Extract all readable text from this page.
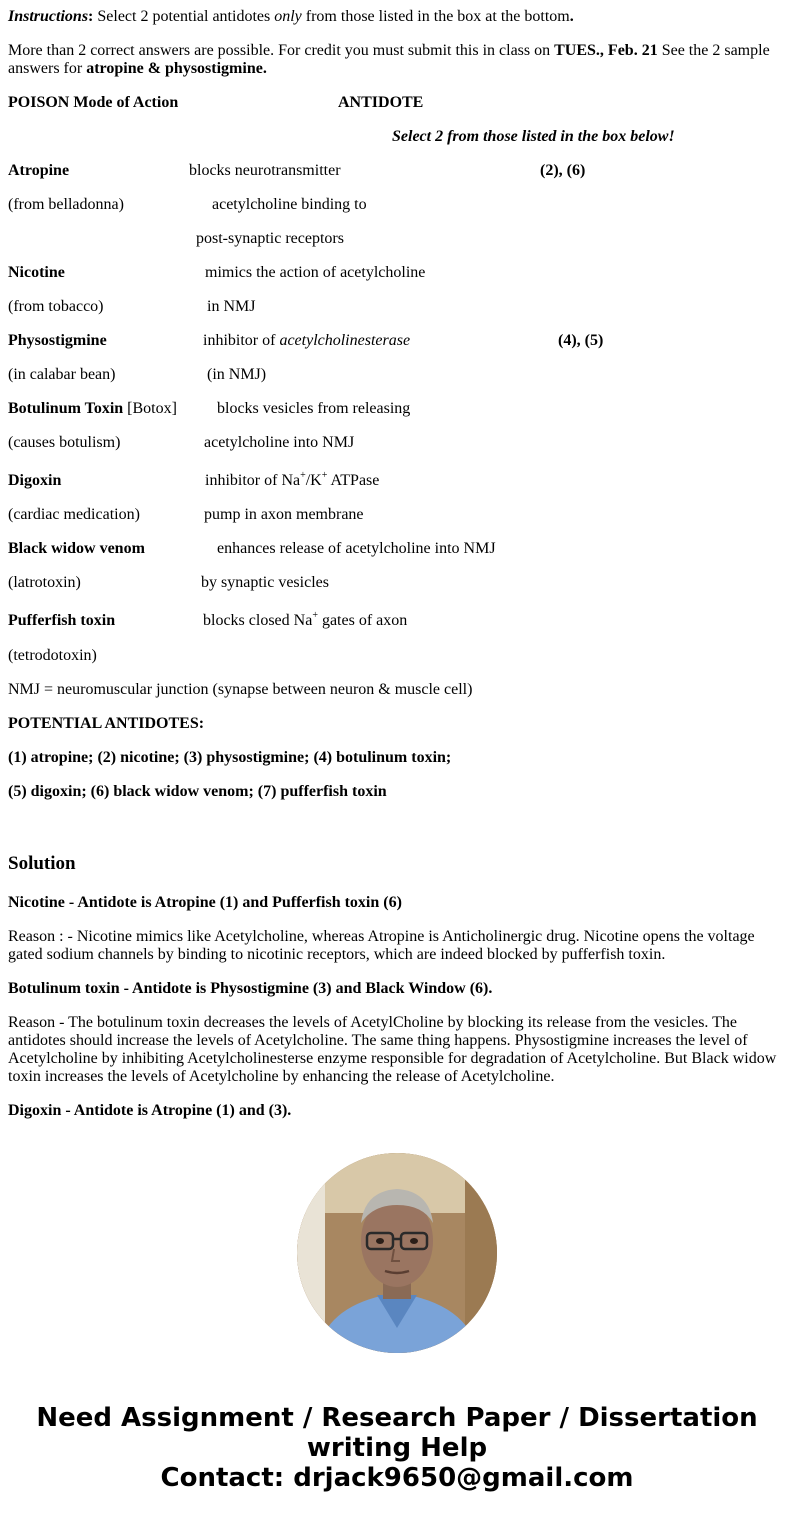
Instructions: Select 2 potential antidotes only from those listed in the box at the bottom.
More than 2 correct answers are possible. For credit you must submit this in class on TUES., Feb. 21 See the 2 sample answers for atropine & physostigmine.
POISON Mode of Action	ANTIDOTE
Select 2 from those listed in the box below!
Atropine	blocks neurotransmitter	(2), (6)
(from belladonna)	acetylcholine binding to
post-synaptic receptors
Nicotine	mimics the action of acetylcholine
(from tobacco)	in NMJ
Physostigmine	inhibitor of acetylcholinesterase	(4), (5)
(in calabar bean)	(in NMJ)
Botulinum Toxin [Botox]	blocks vesicles from releasing
(causes botulism)	acetylcholine into NMJ
Digoxin	inhibitor of Na+/K+ ATPase
(cardiac medication)	pump in axon membrane
Black widow venom	enhances release of acetylcholine into NMJ
(latrotoxin)	by synaptic vesicles
Pufferfish toxin	blocks closed Na+ gates of axon
(tetrodotoxin)
NMJ = neuromuscular junction (synapse between neuron & muscle cell)
POTENTIAL ANTIDOTES:
(1) atropine; (2) nicotine; (3) physostigmine; (4) botulinum toxin;
(5) digoxin; (6) black widow venom; (7) pufferfish toxin
Solution
Nicotine - Antidote is Atropine (1) and Pufferfish toxin (6)
Reason : - Nicotine mimics like Acetylcholine, whereas Atropine is Anticholinergic drug. Nicotine opens the voltage gated sodium channels by binding to nicotinic receptors, which are indeed blocked by pufferfish toxin.
Botulinum toxin - Antidote is Physostigmine (3) and Black Window (6).
Reason - The botulinum toxin decreases the levels of AcetylCholine by blocking its release from the vesicles. The antidotes should increase the levels of Acetylcholine. The same thing happens. Physostigmine increases the level of Acetylcholine by inhibiting Acetylcholinesterse enzyme responsible for degradation of Acetylcholine. But Black widow toxin increases the levels of Acetylcholine by enhancing the release of Acetylcholine.
Digoxin - Antidote is Atropine (1) and (3).
Need Assignment / Research Paper / Dissertation
writing Help
Contact: drjack9650@gmail.com
